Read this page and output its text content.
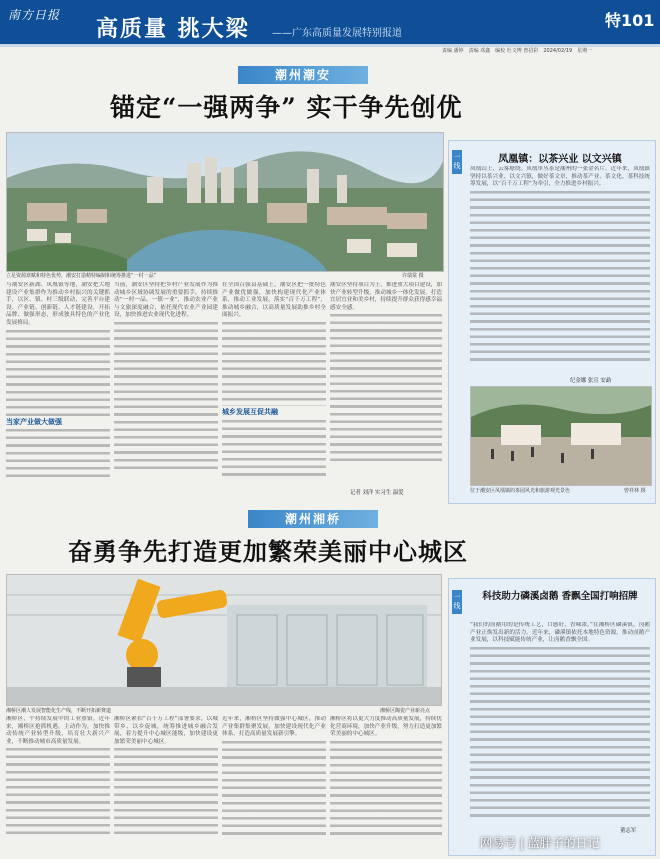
南方日报
高质量 挑大梁 ——广东高质量发展特别报道
特101
责编 潘婷　责编 邓鑫　编校 杜文博 曾招彩　2024/02/19　星期一
潮州潮安
锚定“一强两争” 实干争先创优
立足资源禀赋和特色优势，潮安打造精特编制和统筹推进“一村一品”	许瑞棠 摄
与潮安区新湖、凤凰镇等地，潮安把大地建设产业集群作为推动乡村振兴的关键抓手，以区、镇、村三级联动，完善平台建设、产业链、创新链、人才链建设，开拓品牌、做强形态，形成独具特色的产业化发展格局。
当家产业做大做强
当前，潮安区坚持把乡村产业发展作为推动城乡区域协调发展的重要抓手，持续推动“一村一品、一镇一业”，推动农业产业与文旅深度融合，依托现代农业产业园建设，加快推进农业现代化进程。
在全国百强县基础上，潮安区把一批特色产业做优做强，加快构建现代化产业体系，推动工业发展，落实“百千万工程”，推动城乡融合，以高质量发展助推乡村全面振兴。
城乡发展互促共融
潮安区坚持项目为王，推进重大项目建设，加快产业转型升级，推动城乡一体化发展，打造宜居宜业和美乡村，持续提升群众获得感幸福感安全感。
记者 刘洋 实习生 温爱
一线
凤凰镇：以茶兴业 以文兴镇
凤凰山上，云雾缭绕。凤凰单丛茶是潮州的一张金名片。近年来，凤凰镇坚持以茶兴业、以文兴镇，做好茶文章，推动茶产业、茶文化、茶科技统筹发展，以“百千万工程”为牵引，全力推进乡村振兴。
纪金娜 张宣 安勐
位于潮安区凤凰镇的茶园风光和旅游观光景色	曾祥林 摄
潮州湘桥
奋勇争先打造更加繁荣美丽中心城区
湘桥区潮人发展智能化生产线，不断开拓新赛道	湘桥区陶瓷产业新亮点
湘桥区，个持续发展中的工业重镇。近年来，湘桥区抢抓机遇，主动作为，加快推动传统产业转型升级，培育壮大新兴产业，不断推动城市高质量发展。
湘桥区紧扣“百千万工程”部署要求，以城带乡、以乡促城，统筹推进城乡融合发展，着力提升中心城区能级，加快建设更加繁荣美丽中心城区。
近年来，湘桥区坚持做强中心城区，推动产业集群集聚发展，加快建设现代化产业体系，打造高质量发展新引擎。
湘桥区将以更大力度推动高质量发展，持续优化营商环境，加快产业升级，努力打造更加繁荣美丽的中心城区。
一线
科技助力磷溪卤鹅 香飘全国打响招牌
“我们的卤鹅用的是传统工艺，口感好，香味浓。”在湘桥区磷溪镇，卤鹅产业正焕发出新的活力。近年来，磷溪镇依托本地特色资源，推动卤鹅产业发展，以科技赋能传统产业，让卤鹅香飘全国。
董志军
网易号 | 蓝胖子的日记
